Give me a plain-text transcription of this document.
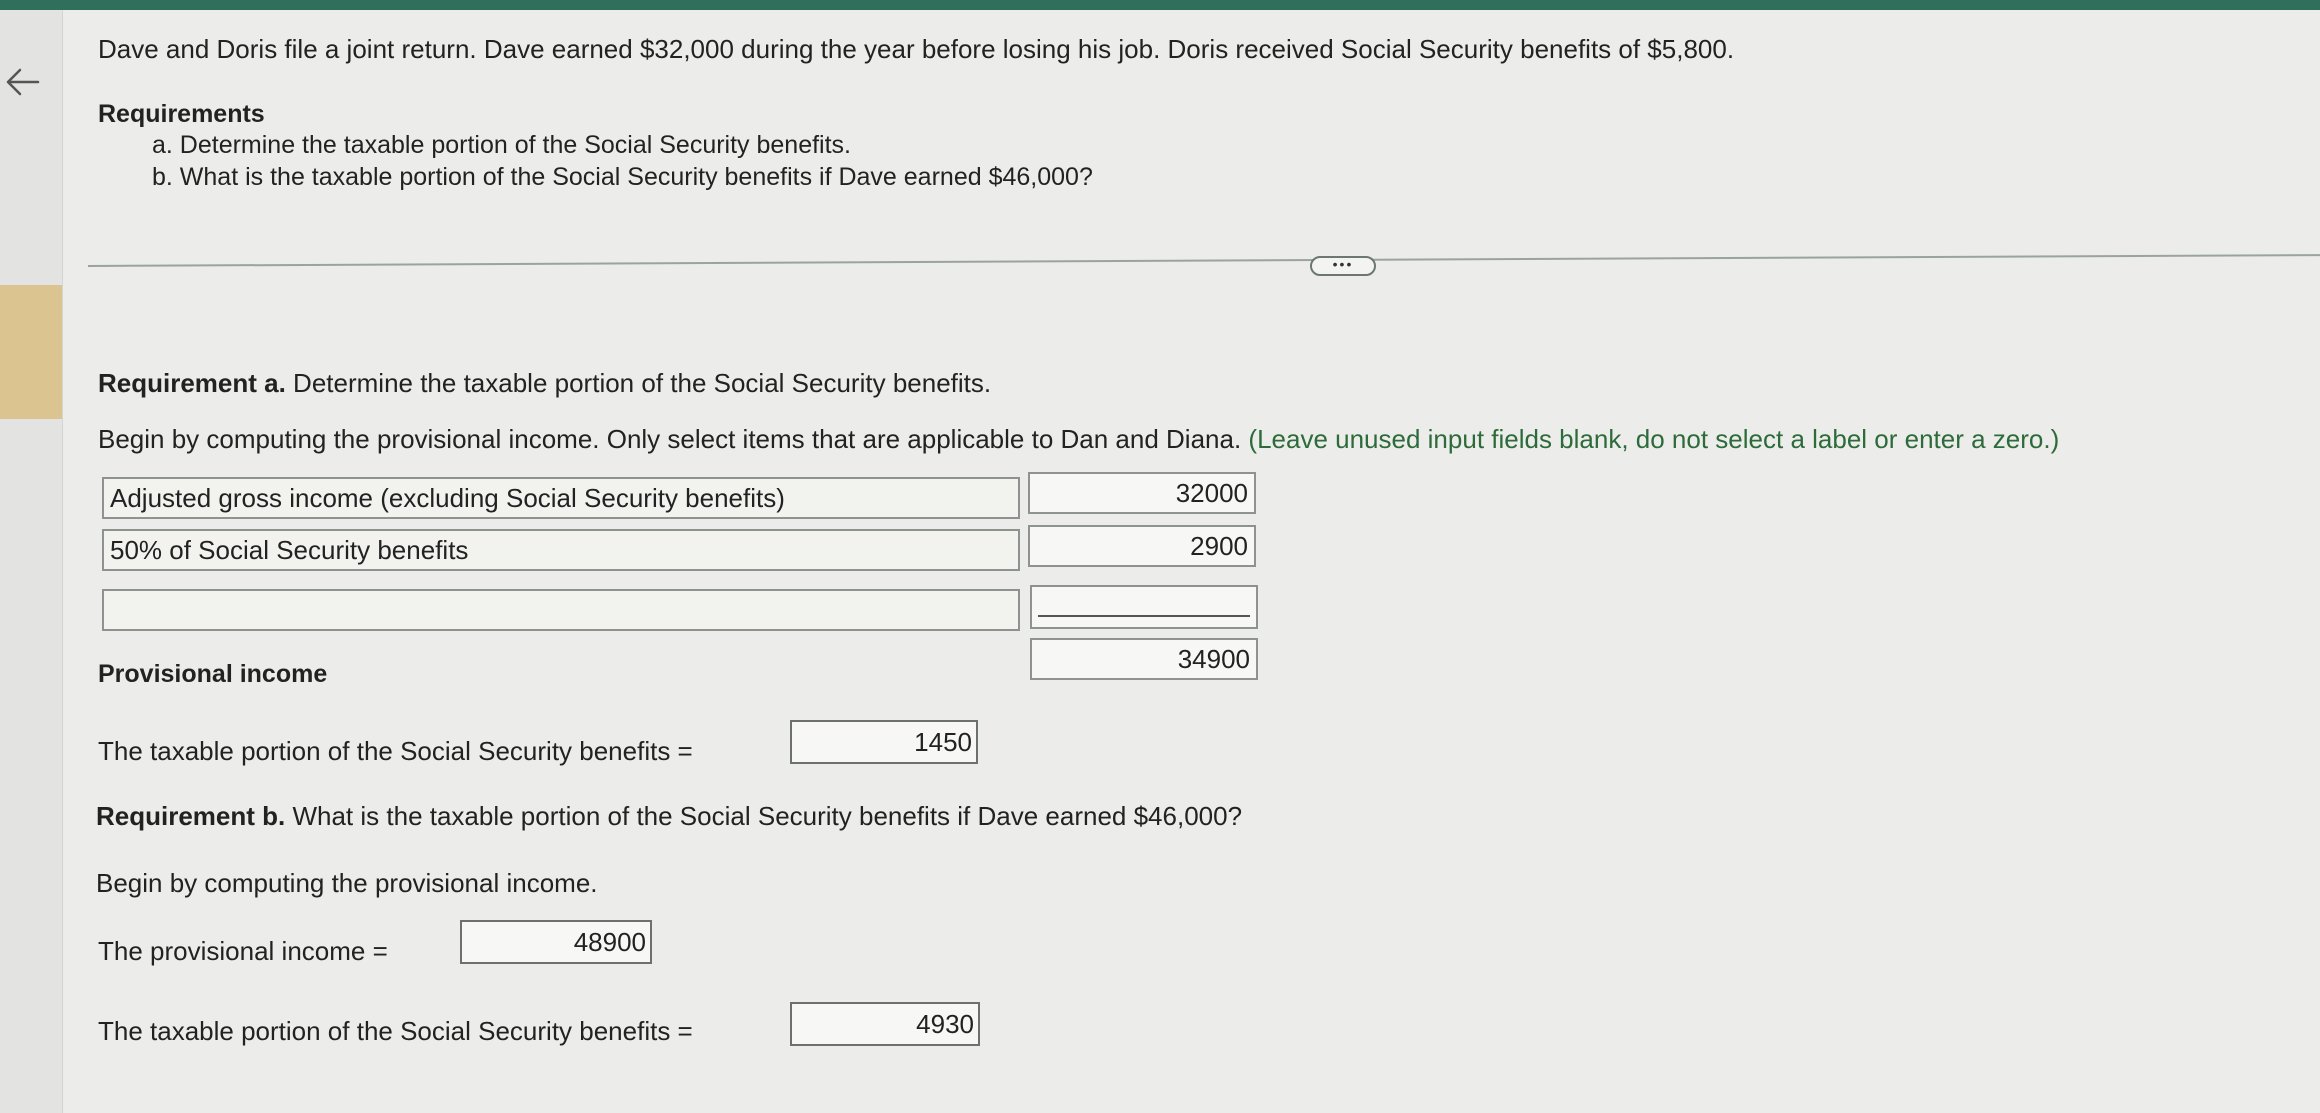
Dave and Doris file a joint return. Dave earned $32,000 during the year before losing his job. Doris received Social Security benefits of $5,800.
Requirements
a. Determine the taxable portion of the Social Security benefits.
b. What is the taxable portion of the Social Security benefits if Dave earned $46,000?
•••
Requirement a. Determine the taxable portion of the Social Security benefits.
Begin by computing the provisional income. Only select items that are applicable to Dan and Diana. (Leave unused input fields blank, do not select a label or enter a zero.)
Adjusted gross income (excluding Social Security benefits)	32000
50% of Social Security benefits	2900
Provisional income	34900
The taxable portion of the Social Security benefits =	1450
Requirement b. What is the taxable portion of the Social Security benefits if Dave earned $46,000?
Begin by computing the provisional income.
The provisional income =	48900
The taxable portion of the Social Security benefits =	4930
